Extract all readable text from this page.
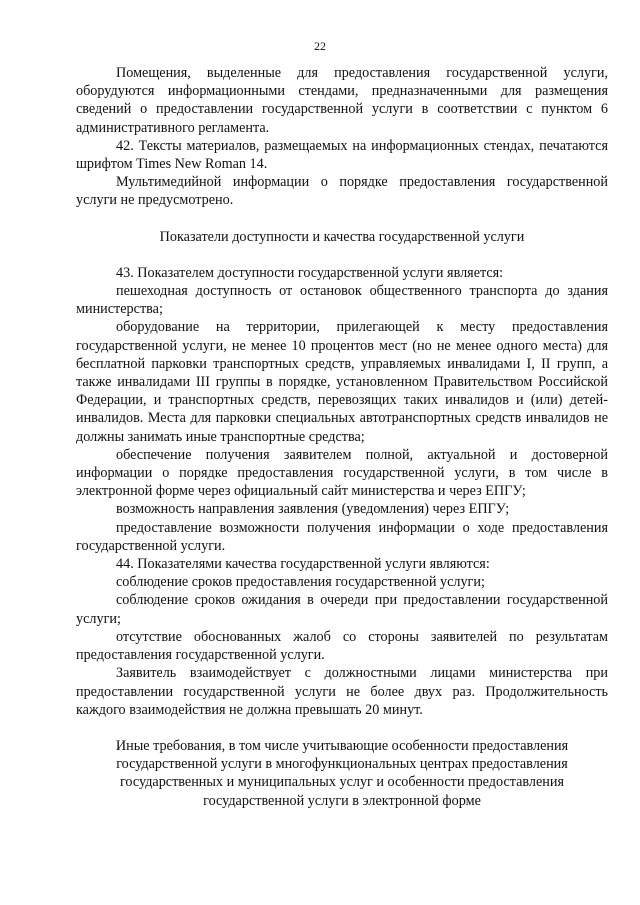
22

Помещения, выделенные для предоставления государственной услуги, оборудуются информационными стендами, предназначенными для размещения сведений о предоставлении государственной услуги в соответствии с пунктом 6 административного регламента.

42. Тексты материалов, размещаемых на информационных стендах, печатаются шрифтом Times New Roman 14.

Мультимедийной информации о порядке предоставления государственной услуги не предусмотрено.

Показатели доступности и качества государственной услуги

43. Показателем доступности государственной услуги является:

пешеходная доступность от остановок общественного транспорта до здания министерства;

оборудование на территории, прилегающей к месту предоставления государственной услуги, не менее 10 процентов мест (но не менее одного места) для бесплатной парковки транспортных средств, управляемых инвалидами I, II групп, а также инвалидами III группы в порядке, установленном Правительством Российской Федерации, и транспортных средств, перевозящих таких инвалидов и (или) детей-инвалидов. Места для парковки специальных автотранспортных средств инвалидов не должны занимать иные транспортные средства;

обеспечение получения заявителем полной, актуальной и достоверной информации о порядке предоставления государственной услуги, в том числе в электронной форме через официальный сайт министерства и через ЕПГУ;

возможность направления заявления (уведомления) через ЕПГУ;

предоставление возможности получения информации о ходе предоставления государственной услуги.

44. Показателями качества государственной услуги являются:

соблюдение сроков предоставления государственной услуги;

соблюдение сроков ожидания в очереди при предоставлении государственной услуги;

отсутствие обоснованных жалоб со стороны заявителей по результатам предоставления государственной услуги.

Заявитель взаимодействует с должностными лицами министерства при предоставлении государственной услуги не более двух раз. Продолжительность каждого взаимодействия не должна превышать 20 минут.

Иные требования, в том числе учитывающие особенности предоставления
государственной услуги в многофункциональных центрах предоставления
государственных и муниципальных услуг и особенности предоставления
государственной услуги в электронной форме
